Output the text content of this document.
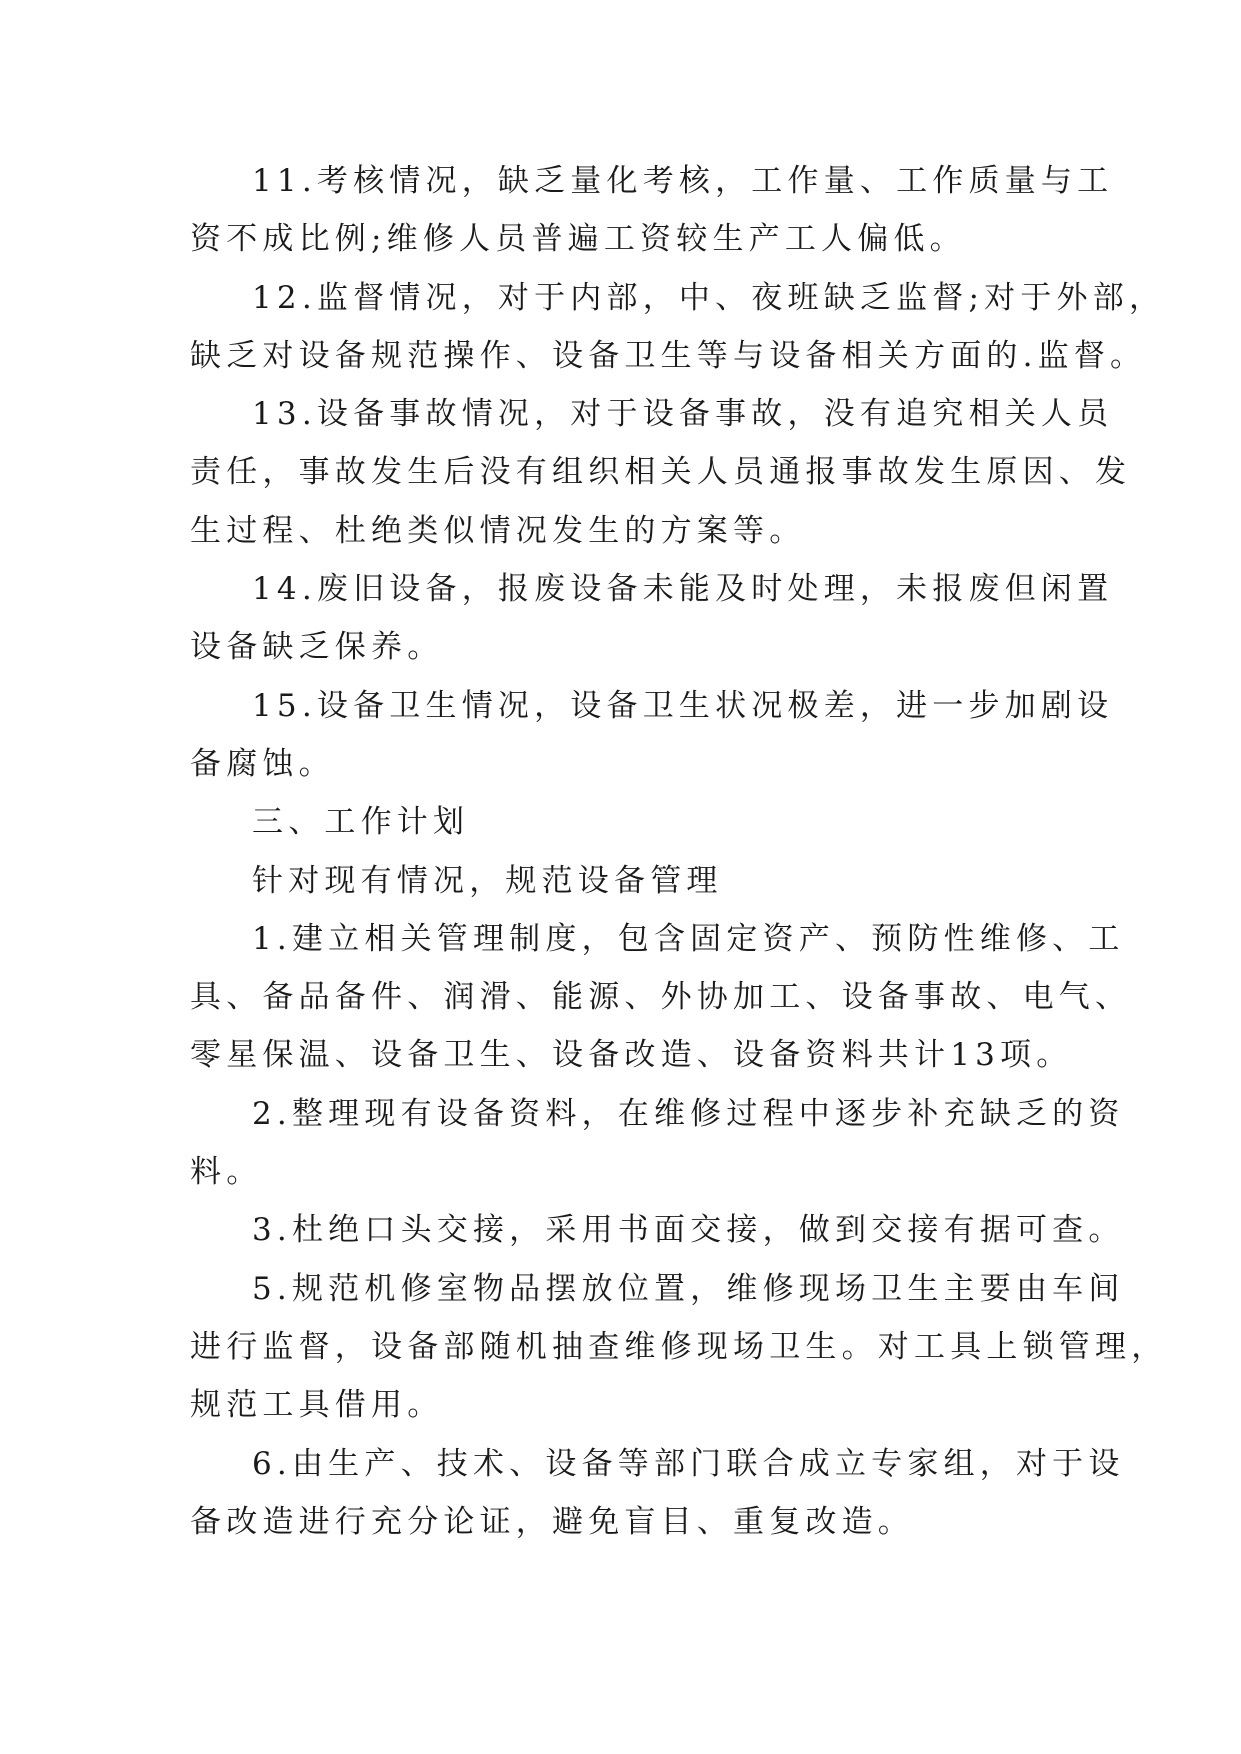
11.考核情况，缺乏量化考核，工作量、工作质量与工
资不成比例;维修人员普遍工资较生产工人偏低。
12.监督情况，对于内部，中、夜班缺乏监督;对于外部，
缺乏对设备规范操作、设备卫生等与设备相关方面的.监督。
13.设备事故情况，对于设备事故，没有追究相关人员
责任，事故发生后没有组织相关人员通报事故发生原因、发
生过程、杜绝类似情况发生的方案等。
14.废旧设备，报废设备未能及时处理，未报废但闲置
设备缺乏保养。
15.设备卫生情况，设备卫生状况极差，进一步加剧设
备腐蚀。
三、工作计划
针对现有情况，规范设备管理
1.建立相关管理制度，包含固定资产、预防性维修、工
具、备品备件、润滑、能源、外协加工、设备事故、电气、
零星保温、设备卫生、设备改造、设备资料共计13项。
2.整理现有设备资料，在维修过程中逐步补充缺乏的资
料。
3.杜绝口头交接，采用书面交接，做到交接有据可查。
5.规范机修室物品摆放位置，维修现场卫生主要由车间
进行监督，设备部随机抽查维修现场卫生。对工具上锁管理，
规范工具借用。
6.由生产、技术、设备等部门联合成立专家组，对于设
备改造进行充分论证，避免盲目、重复改造。
